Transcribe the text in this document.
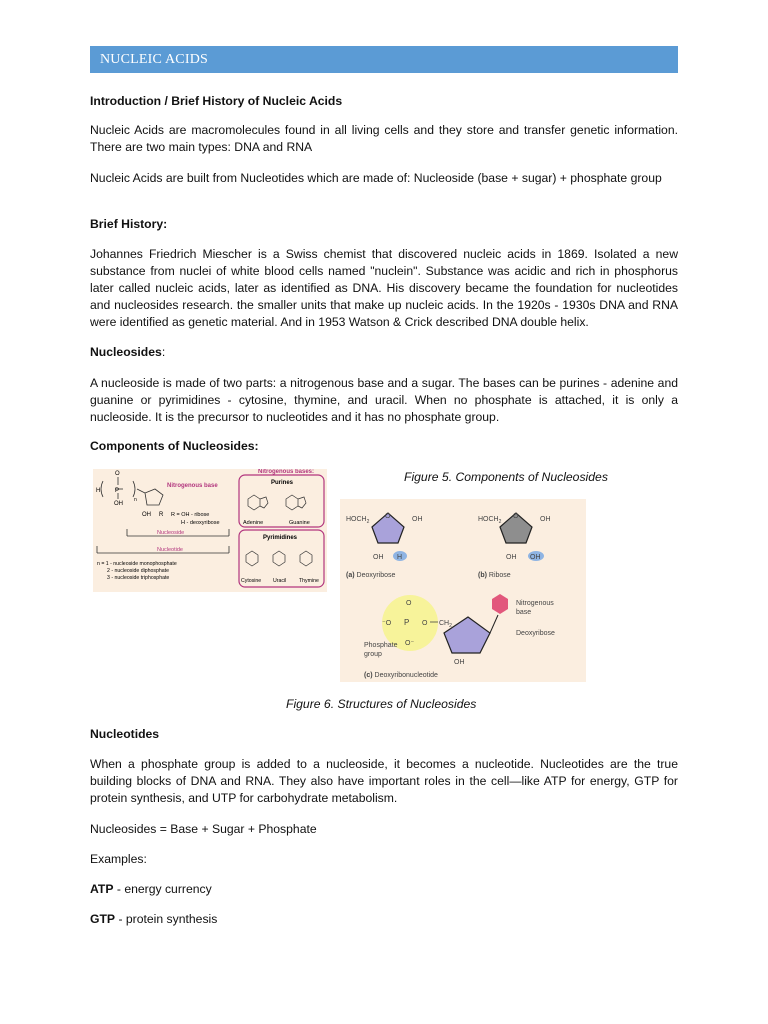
NUCLEIC ACIDS
Introduction / Brief History of Nucleic Acids

Nucleic Acids are macromolecules found in all living cells and they store and transfer genetic information. There are two main types: DNA and RNA

Nucleic Acids are built from Nucleotides which are made of: Nucleoside (base + sugar) + phosphate group

Brief History:

Johannes Friedrich Miescher is a Swiss chemist that discovered nucleic acids in 1869. Isolated a new substance from nuclei of white blood cells named "nuclein". Substance was acidic and rich in phosphorus later called nucleic acids, later as identified as DNA. His discovery became the foundation for nucleotides and nucleosides research. the smaller units that make up nucleic acids. In the 1920s - 1930s DNA and RNA were identified as genetic material. And in 1953 Watson & Crick described DNA double helix.

Nucleosides:

A nucleoside is made of two parts: a nitrogenous base and a sugar. The bases can be purines - adenine and guanine or pyrimidines - cytosine, thymine, and uracil. When no phosphate is attached, it is only a nucleoside. It is the precursor to nucleotides and it has no phosphate group.

Components of Nucleosides:
H
O
P
OH
n
Nitrogenous base
OH R R = OH - ribose
H - deoxyribose
Nucleoside
Nucleotide
n = 1 - nucleoside monophosphate
2 - nucleoside diphosphate
3 - nucleoside triphosphate
Nitrogenous bases:
Purines
Adenine	Guanine
Pyrimidines
Cytosine Uracil Thymine
Figure 5. Components of Nucleosides
$HOCH_2$
O	OH
OH H
(a) Deoxyribose
$HOCH_2$
O	OH
OH OH
(b) Ribose
⁻O P
O
O⁻
O $CH_2$
Nitrogenous
base
Deoxyribose
Phosphate
group
OH
(c) Deoxyribonucleotide
Figure 6. Structures of Nucleosides
Nucleotides

When a phosphate group is added to a nucleoside, it becomes a nucleotide. Nucleotides are the true building blocks of DNA and RNA. They also have important roles in the cell—like ATP for energy, GTP for protein synthesis, and UTP for carbohydrate metabolism.

Nucleosides = Base + Sugar + Phosphate

Examples:

ATP - energy currency

GTP - protein synthesis
